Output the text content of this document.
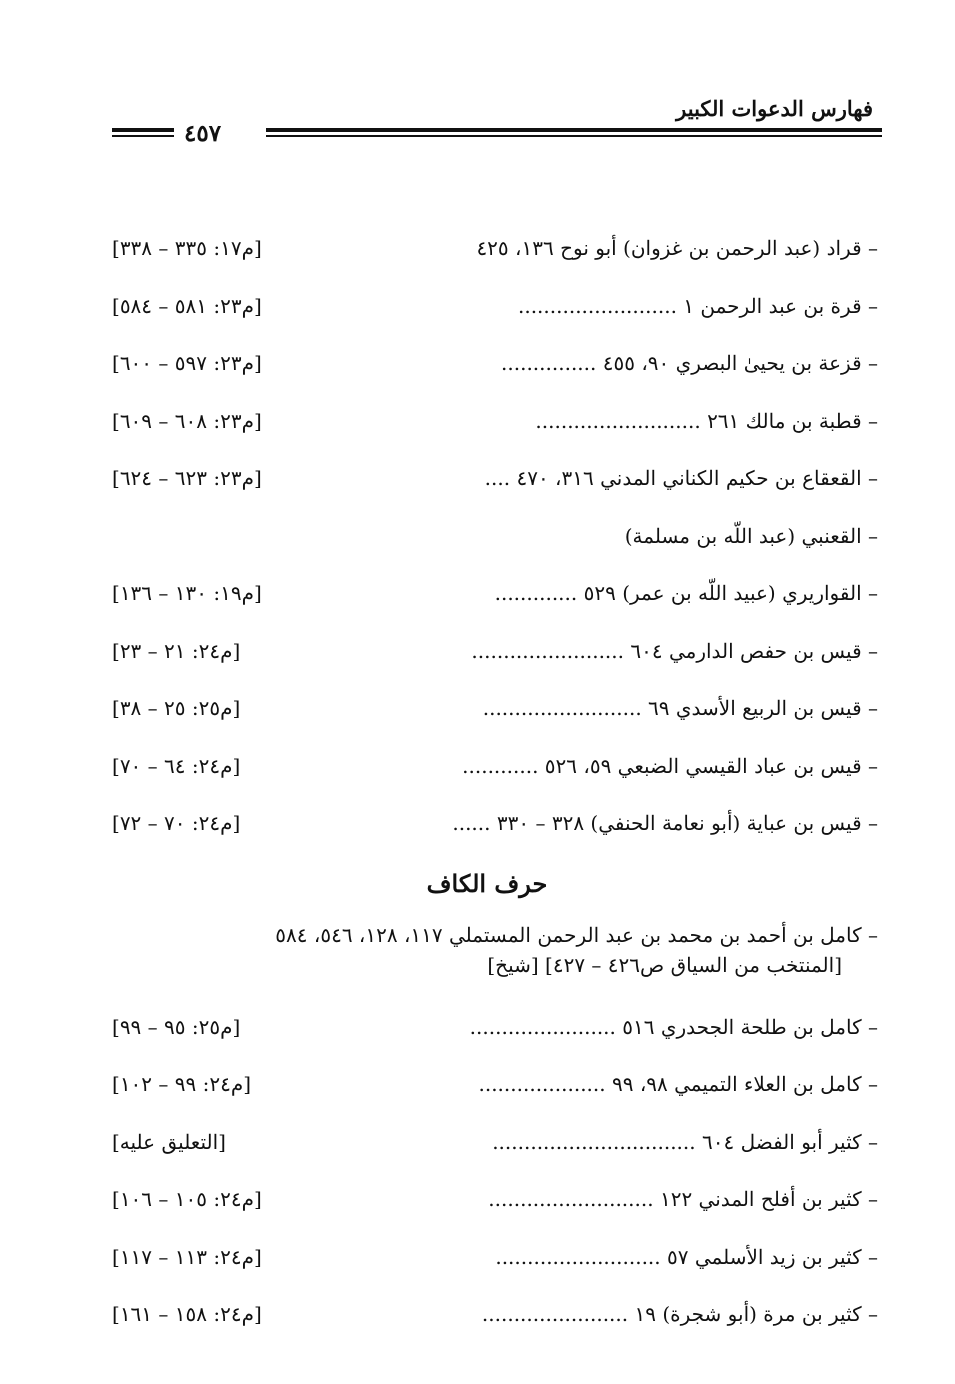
فهارس الدعوات الكبير
٤٥٧
– قراد (عبد الرحمن بن غزوان) أبو نوح ١٣٦، ٤٢٥
[م١٧: ٣٣٥ – ٣٣٨]
– قرة بن عبد الرحمن ١ .........................
[م٢٣: ٥٨١ – ٥٨٤]
– قزعة بن يحيىٰ البصري ٩٠، ٤٥٥ ...............
[م٢٣: ٥٩٧ – ٦٠٠]
– قطبة بن مالك ٢٦١ ..........................
[م٢٣: ٦٠٨ – ٦٠٩]
– القعقاع بن حكيم الكناني المدني ٣١٦، ٤٧٠ ....
[م٢٣: ٦٢٣ – ٦٢٤]
– القعنبي (عبد اللّه بن مسلمة)
– القواريري (عبيد اللّه بن عمر) ٥٢٩ .............
[م١٩: ١٣٠ – ١٣٦]
– قيس بن حفص الدارمي ٦٠٤ ........................
[م٢٤: ٢١ – ٢٣]
– قيس بن الربيع الأسدي ٦٩ .........................
[م٢٥: ٢٥ – ٣٨]
– قيس بن عباد القيسي الضبعي ٥٩، ٥٢٦ ............
[م٢٤: ٦٤ – ٧٠]
– قيس بن عباية (أبو نعامة الحنفي) ٣٢٨ – ٣٣٠ ......
[م٢٤: ٧٠ – ٧٢]
حرف الكاف
– كامل بن أحمد بن محمد بن عبد الرحمن المستملي ١١٧، ١٢٨، ٥٤٦، ٥٨٤
[المنتخب من السياق ص٤٢٦ – ٤٢٧] [شيخ]
– كامل بن طلحة الجحدري ٥١٦ .......................
[م٢٥: ٩٥ – ٩٩]
– كامل بن العلاء التميمي ٩٨، ٩٩ ....................
[م٢٤: ٩٩ – ١٠٢]
– كثير أبو الفضل ٦٠٤ ................................
[التعليق عليه]
– كثير بن أفلح المدني ١٢٢ ..........................
[م٢٤: ١٠٥ – ١٠٦]
– كثير بن زيد الأسلمي ٥٧ ..........................
[م٢٤: ١١٣ – ١١٧]
– كثير بن مرة (أبو شجرة) ١٩ .......................
[م٢٤: ١٥٨ – ١٦١]
